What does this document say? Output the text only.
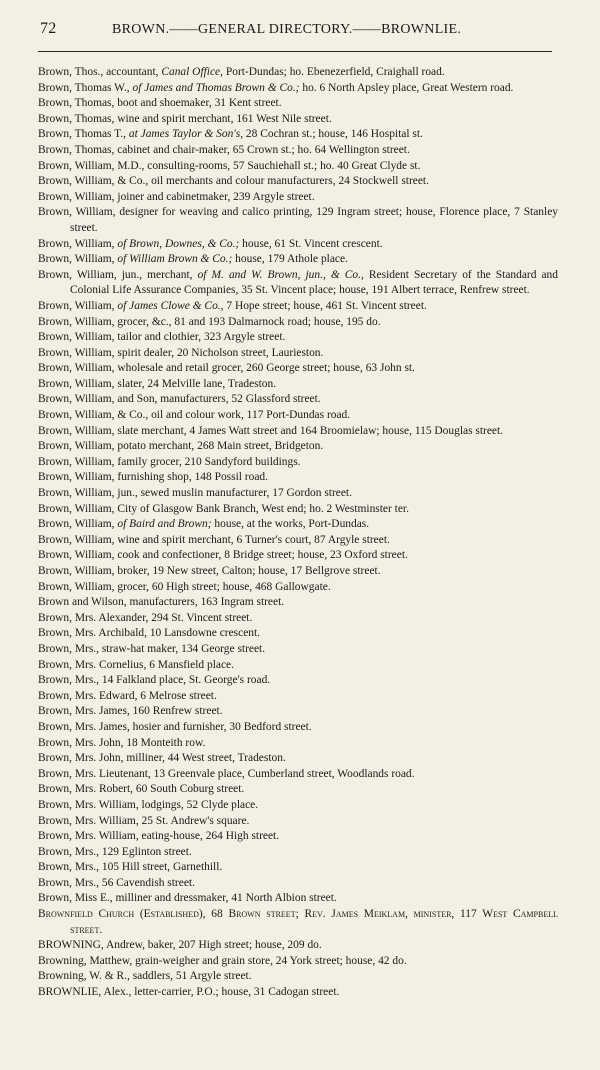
72	BROWN.——GENERAL DIRECTORY.——BROWNLIE.
Brown, Thos., accountant, Canal Office, Port-Dundas; ho. Ebenezerfield, Craighall road.
Brown, Thomas W., of James and Thomas Brown & Co.; ho. 6 North Apsley place, Great Western road.
Brown, Thomas, boot and shoemaker, 31 Kent street.
Brown, Thomas, wine and spirit merchant, 161 West Nile street.
Brown, Thomas T., at James Taylor & Son's, 28 Cochran st.; house, 146 Hospital st.
Brown, Thomas, cabinet and chair-maker, 65 Crown st.; ho. 64 Wellington street.
Brown, William, M.D., consulting-rooms, 57 Sauchiehall st.; ho. 40 Great Clyde st.
Brown, William, & Co., oil merchants and colour manufacturers, 24 Stockwell street.
Brown, William, joiner and cabinetmaker, 239 Argyle street.
Brown, William, designer for weaving and calico printing, 129 Ingram street; house, Florence place, 7 Stanley street.
Brown, William, of Brown, Downes, & Co.; house, 61 St. Vincent crescent.
Brown, William, of William Brown & Co.; house, 179 Athole place.
Brown, William, jun., merchant, of M. and W. Brown, jun., & Co., Resident Secretary of the Standard and Colonial Life Assurance Companies, 35 St. Vincent place; house, 191 Albert terrace, Renfrew street.
Brown, William, of James Clowe & Co., 7 Hope street; house, 461 St. Vincent street.
Brown, William, grocer, &c., 81 and 193 Dalmarnock road; house, 195 do.
Brown, William, tailor and clothier, 323 Argyle street.
Brown, William, spirit dealer, 20 Nicholson street, Laurieston.
Brown, William, wholesale and retail grocer, 260 George street; house, 63 John st.
Brown, William, slater, 24 Melville lane, Tradeston.
Brown, William, and Son, manufacturers, 52 Glassford street.
Brown, William, & Co., oil and colour work, 117 Port-Dundas road.
Brown, William, slate merchant, 4 James Watt street and 164 Broomielaw; house, 115 Douglas street.
Brown, William, potato merchant, 268 Main street, Bridgeton.
Brown, William, family grocer, 210 Sandyford buildings.
Brown, William, furnishing shop, 148 Possil road.
Brown, William, jun., sewed muslin manufacturer, 17 Gordon street.
Brown, William, City of Glasgow Bank Branch, West end; ho. 2 Westminster ter.
Brown, William, of Baird and Brown; house, at the works, Port-Dundas.
Brown, William, wine and spirit merchant, 6 Turner's court, 87 Argyle street.
Brown, William, cook and confectioner, 8 Bridge street; house, 23 Oxford street.
Brown, William, broker, 19 New street, Calton; house, 17 Bellgrove street.
Brown, William, grocer, 60 High street; house, 468 Gallowgate.
Brown and Wilson, manufacturers, 163 Ingram street.
Brown, Mrs. Alexander, 294 St. Vincent street.
Brown, Mrs. Archibald, 10 Lansdowne crescent.
Brown, Mrs., straw-hat maker, 134 George street.
Brown, Mrs. Cornelius, 6 Mansfield place.
Brown, Mrs., 14 Falkland place, St. George's road.
Brown, Mrs. Edward, 6 Melrose street.
Brown, Mrs. James, 160 Renfrew street.
Brown, Mrs. James, hosier and furnisher, 30 Bedford street.
Brown, Mrs. John, 18 Monteith row.
Brown, Mrs. John, milliner, 44 West street, Tradeston.
Brown, Mrs. Lieutenant, 13 Greenvale place, Cumberland street, Woodlands road.
Brown, Mrs. Robert, 60 South Coburg street.
Brown, Mrs. William, lodgings, 52 Clyde place.
Brown, Mrs. William, 25 St. Andrew's square.
Brown, Mrs. William, eating-house, 264 High street.
Brown, Mrs., 129 Eglinton street.
Brown, Mrs., 105 Hill street, Garnethill.
Brown, Mrs., 56 Cavendish street.
Brown, Miss E., milliner and dressmaker, 41 North Albion street.
Brownfield Church (Established), 68 Brown street; Rev. James Meiklam, minister, 117 West Campbell street.
BROWNING, Andrew, baker, 207 High street; house, 209 do.
Browning, Matthew, grain-weigher and grain store, 24 York street; house, 42 do.
Browning, W. & R., saddlers, 51 Argyle street.
BROWNLIE, Alex., letter-carrier, P.O.; house, 31 Cadogan street.
